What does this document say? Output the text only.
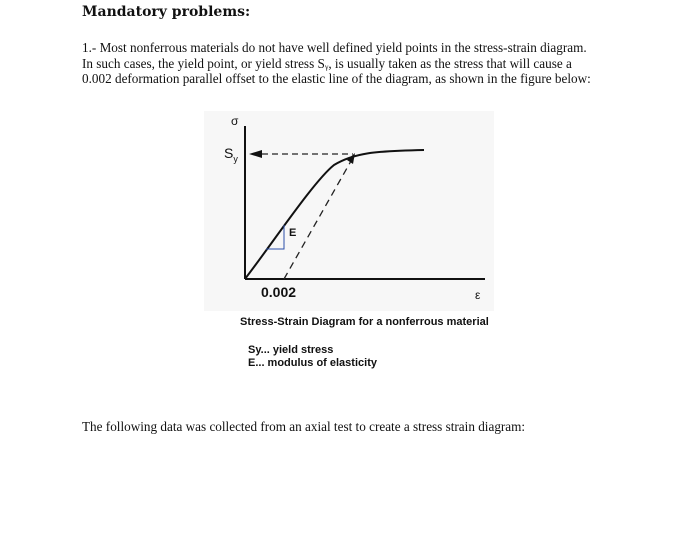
Mandatory problems:

1.- Most nonferrous materials do not have well defined yield points in the stress-strain diagram.
In such cases, the yield point, or yield stress Sᵧ, is usually taken as the stress that will cause a
0.002 deformation parallel offset to the elastic line of the diagram, as shown in the figure below:

σ
$S_y$
E
0.002	ε
Stress-Strain Diagram for a nonferrous material
Sy... yield stress
E... modulus of elasticity

The following data was collected from an axial test to create a stress strain diagram:
